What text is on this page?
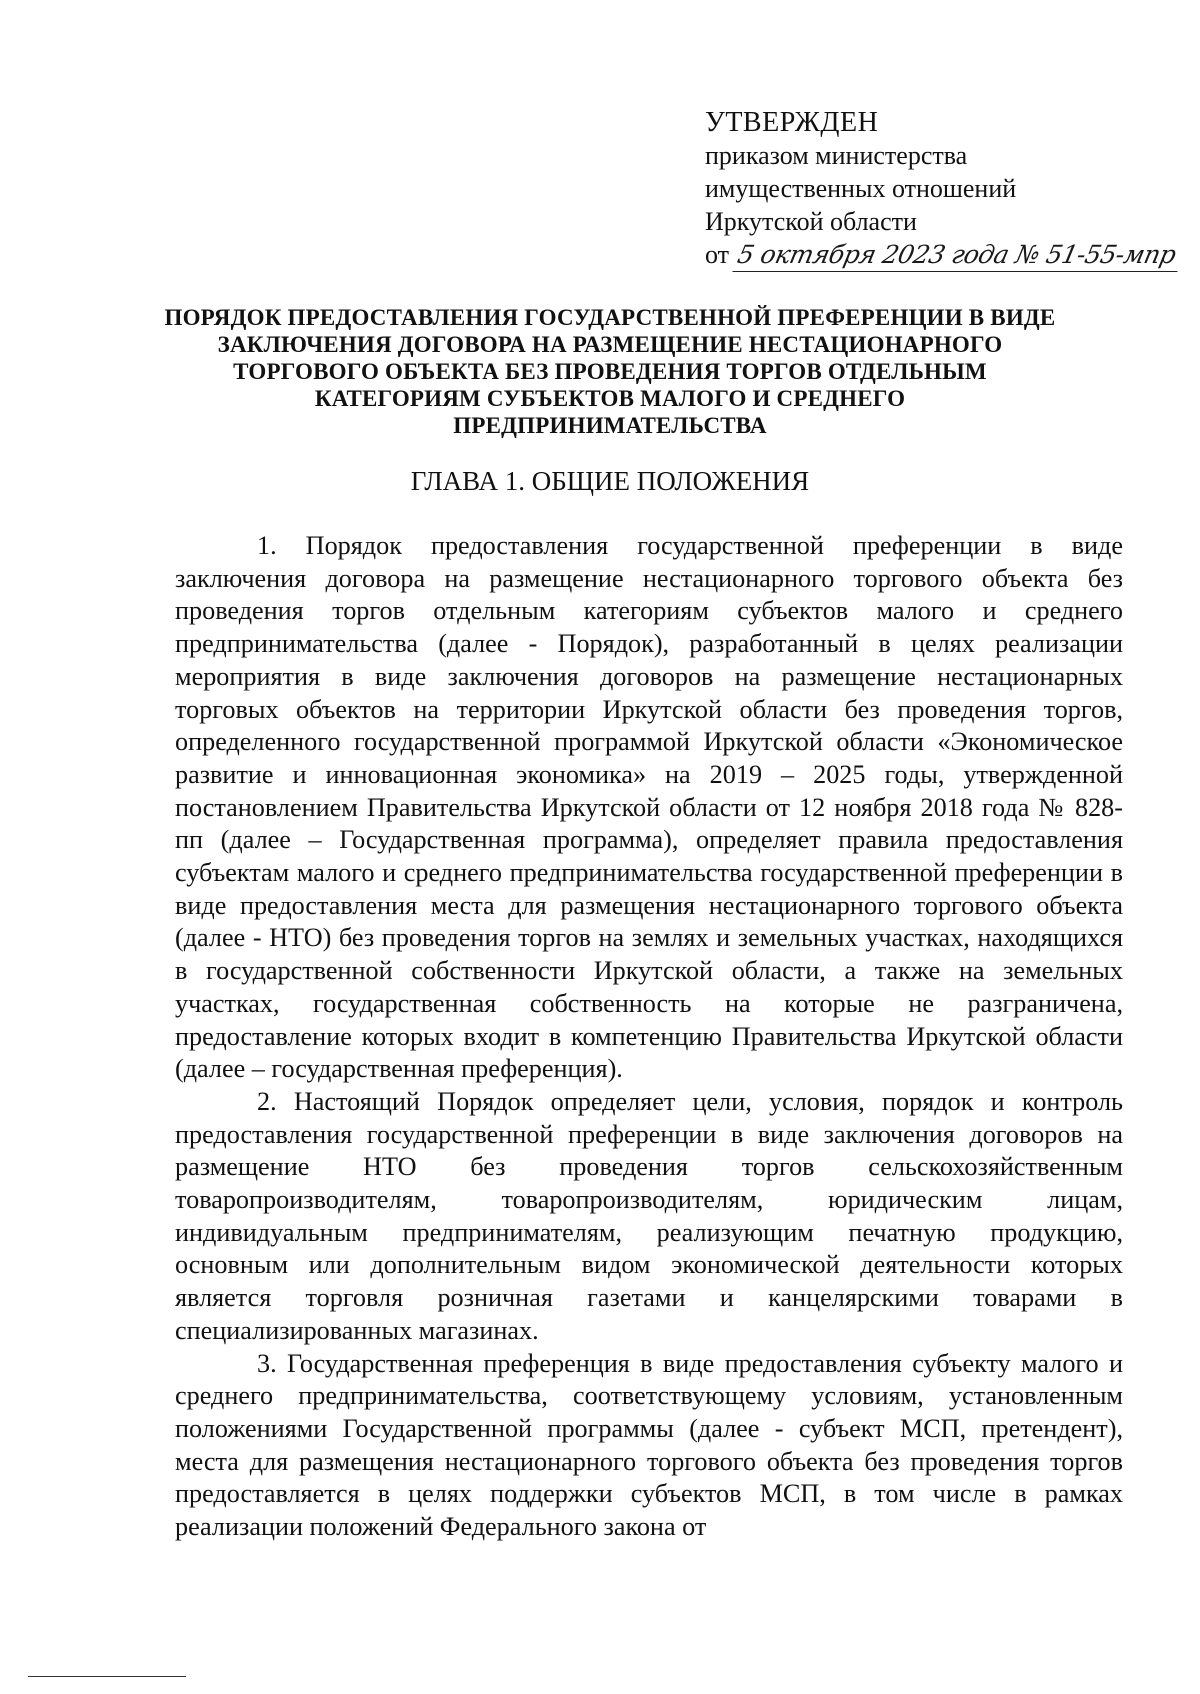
УТВЕРЖДЕН
приказом министерства
имущественных отношений
Иркутской области
от 5 октября 2023 года № 51-55-мпр
ПОРЯДОК ПРЕДОСТАВЛЕНИЯ ГОСУДАРСТВЕННОЙ ПРЕФЕРЕНЦИИ В ВИДЕ
ЗАКЛЮЧЕНИЯ ДОГОВОРА НА РАЗМЕЩЕНИЕ НЕСТАЦИОНАРНОГО
ТОРГОВОГО ОБЪЕКТА БЕЗ ПРОВЕДЕНИЯ ТОРГОВ ОТДЕЛЬНЫМ
КАТЕГОРИЯМ СУБЪЕКТОВ МАЛОГО И СРЕДНЕГО
ПРЕДПРИНИМАТЕЛЬСТВА
ГЛАВА 1. ОБЩИЕ ПОЛОЖЕНИЯ

1. Порядок предоставления государственной преференции в виде заключения договора на размещение нестационарного торгового объекта без проведения торгов отдельным категориям субъектов малого и среднего предпринимательства (далее - Порядок), разработанный в целях реализации мероприятия в виде заключения договоров на размещение нестационарных торговых объектов на территории Иркутской области без проведения торгов, определенного государственной программой Иркутской области «Экономическое развитие и инновационная экономика» на 2019 – 2025 годы, утвержденной постановлением Правительства Иркутской области от 12 ноября 2018 года № 828-пп (далее – Государственная программа), определяет правила предоставления субъектам малого и среднего предпринимательства государственной преференции в виде предоставления места для размещения нестационарного торгового объекта (далее - НТО) без проведения торгов на землях и земельных участках, находящихся в государственной собственности Иркутской области, а также на земельных участках, государственная собственность на которые не разграничена, предоставление которых входит в компетенцию Правительства Иркутской области (далее – государственная преференция).

2. Настоящий Порядок определяет цели, условия, порядок и контроль предоставления государственной преференции в виде заключения договоров на размещение НТО без проведения торгов сельскохозяйственным товаропроизводителям, товаропроизводителям, юридическим лицам, индивидуальным предпринимателям, реализующим печатную продукцию, основным или дополнительным видом экономической деятельности которых является торговля розничная газетами и канцелярскими товарами в специализированных магазинах.

3. Государственная преференция в виде предоставления субъекту малого и среднего предпринимательства, соответствующему условиям, установленным положениями Государственной программы (далее - субъект МСП, претендент), места для размещения нестационарного торгового объекта без проведения торгов предоставляется в целях поддержки субъектов МСП, в том числе в рамках реализации положений Федерального закона от
